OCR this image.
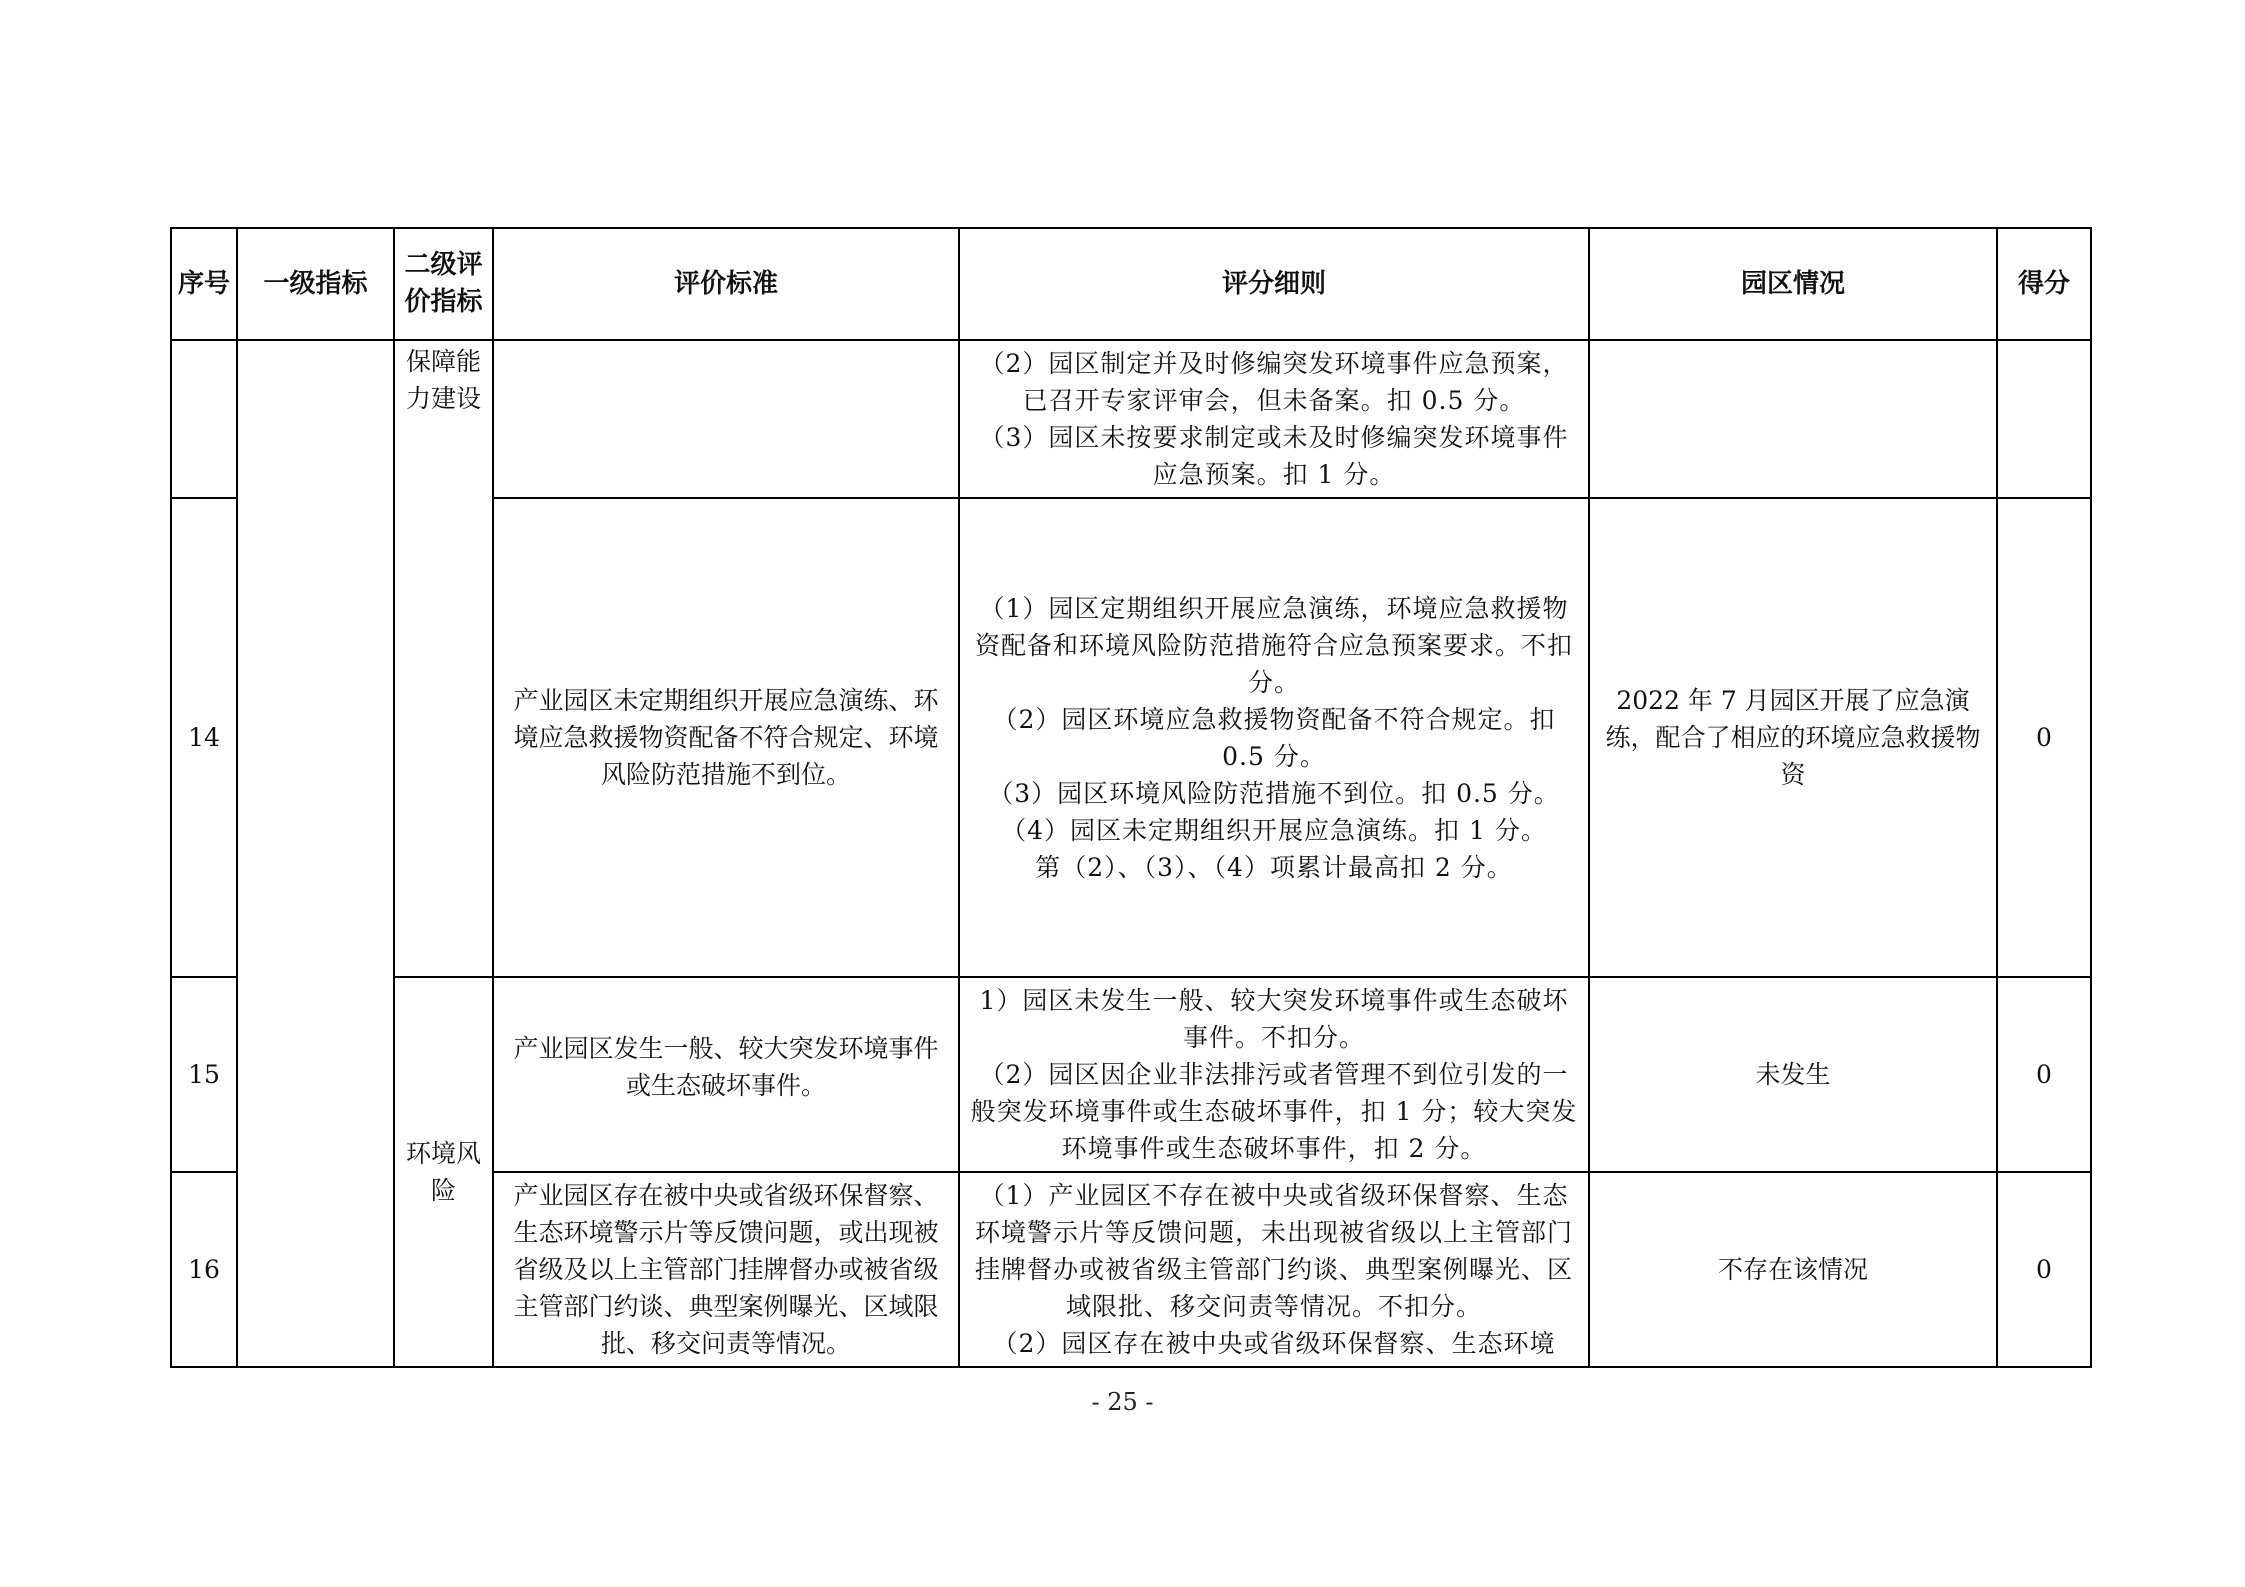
序号	一级指标	二级评价指标	评价标准	评分细则	园区情况	得分
		保障能力建设		（2）园区制定并及时修编突发环境事件应急预案，已召开专家评审会，但未备案。扣 0.5 分。
（3）园区未按要求制定或未及时修编突发环境事件应急预案。扣 1 分。		

14			产业园区未定期组织开展应急演练、环境应急救援物资配备不符合规定、环境风险防范措施不到位。	（1）园区定期组织开展应急演练，环境应急救援物资配备和环境风险防范措施符合应急预案要求。不扣分。
（2）园区环境应急救援物资配备不符合规定。扣 0.5 分。
（3）园区环境风险防范措施不到位。扣 0.5 分。
（4）园区未定期组织开展应急演练。扣 1 分。
第（2）、（3）、（4）项累计最高扣 2 分。	2022 年 7 月园区开展了应急演练，配合了相应的环境应急救援物资	0
15		环境风险	产业园区发生一般、较大突发环境事件或生态破坏事件。	1）园区未发生一般、较大突发环境事件或生态破坏事件。不扣分。
（2）园区因企业非法排污或者管理不到位引发的一般突发环境事件或生态破坏事件，扣 1 分；较大突发环境事件或生态破坏事件，扣 2 分。	未发生	0
16			产业园区存在被中央或省级环保督察、生态环境警示片等反馈问题，或出现被省级及以上主管部门挂牌督办或被省级主管部门约谈、典型案例曝光、区域限批、移交问责等情况。	（1）产业园区不存在被中央或省级环保督察、生态环境警示片等反馈问题，未出现被省级以上主管部门挂牌督办或被省级主管部门约谈、典型案例曝光、区域限批、移交问责等情况。不扣分。
（2）园区存在被中央或省级环保督察、生态环境	不存在该情况	0
- 25 -
